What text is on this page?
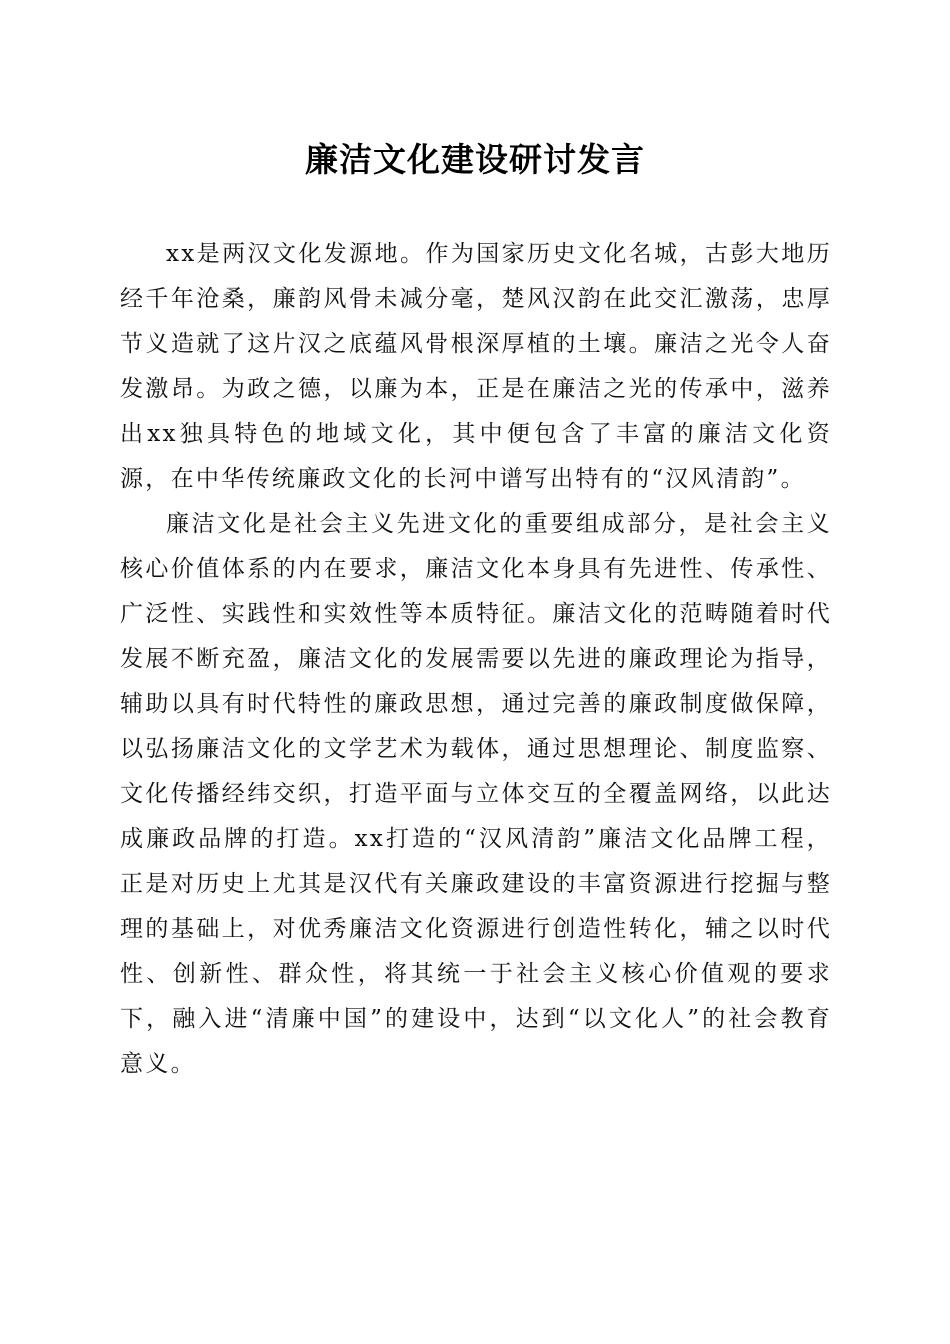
廉洁文化建设研讨发言

xx是两汉文化发源地。作为国家历史文化名城，古彭大地历经千年沧桑，廉韵风骨未减分毫，楚风汉韵在此交汇激荡，忠厚节义造就了这片汉之底蕴风骨根深厚植的土壤。廉洁之光令人奋发激昂。为政之德，以廉为本，正是在廉洁之光的传承中，滋养出xx独具特色的地域文化，其中便包含了丰富的廉洁文化资源，在中华传统廉政文化的长河中谱写出特有的“汉风清韵”。

廉洁文化是社会主义先进文化的重要组成部分，是社会主义核心价值体系的内在要求，廉洁文化本身具有先进性、传承性、广泛性、实践性和实效性等本质特征。廉洁文化的范畴随着时代发展不断充盈，廉洁文化的发展需要以先进的廉政理论为指导，辅助以具有时代特性的廉政思想，通过完善的廉政制度做保障，以弘扬廉洁文化的文学艺术为载体，通过思想理论、制度监察、文化传播经纬交织，打造平面与立体交互的全覆盖网络，以此达成廉政品牌的打造。xx打造的“汉风清韵”廉洁文化品牌工程，正是对历史上尤其是汉代有关廉政建设的丰富资源进行挖掘与整理的基础上，对优秀廉洁文化资源进行创造性转化，辅之以时代性、创新性、群众性，将其统一于社会主义核心价值观的要求下，融入进“清廉中国”的建设中，达到“以文化人”的社会教育意义。
